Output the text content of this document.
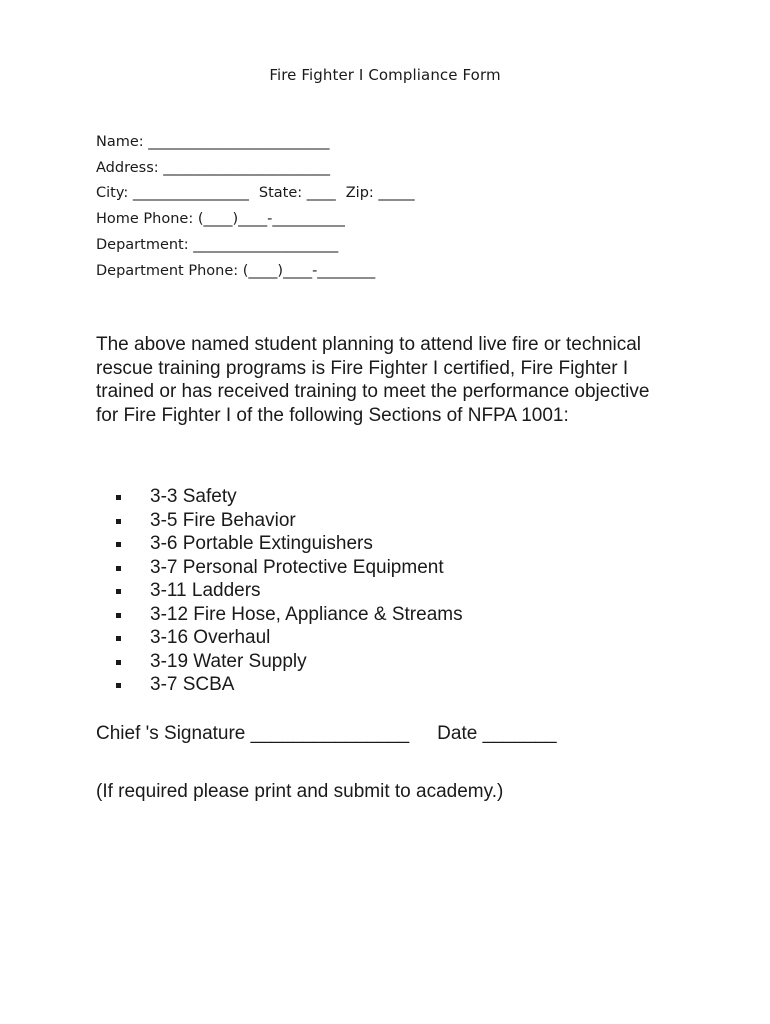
Fire Fighter I Compliance Form
Name: _________________________
Address: _______________________
City: ________________ State: ____ Zip: _____
Home Phone: (____)____-__________
Department: ____________________
Department Phone: (____)____-________
The above named student planning to attend live fire or technical rescue training programs is Fire Fighter I certified, Fire Fighter I trained or has received training to meet the performance objective for Fire Fighter I of the following Sections of NFPA 1001:
3-3 Safety
3-5 Fire Behavior
3-6 Portable Extinguishers
3-7 Personal Protective Equipment
3-11 Ladders
3-12 Fire Hose, Appliance & Streams
3-16 Overhaul
3-19 Water Supply
3-7 SCBA
Chief 's Signature _______________ Date _______
(If required please print and submit to academy.)
